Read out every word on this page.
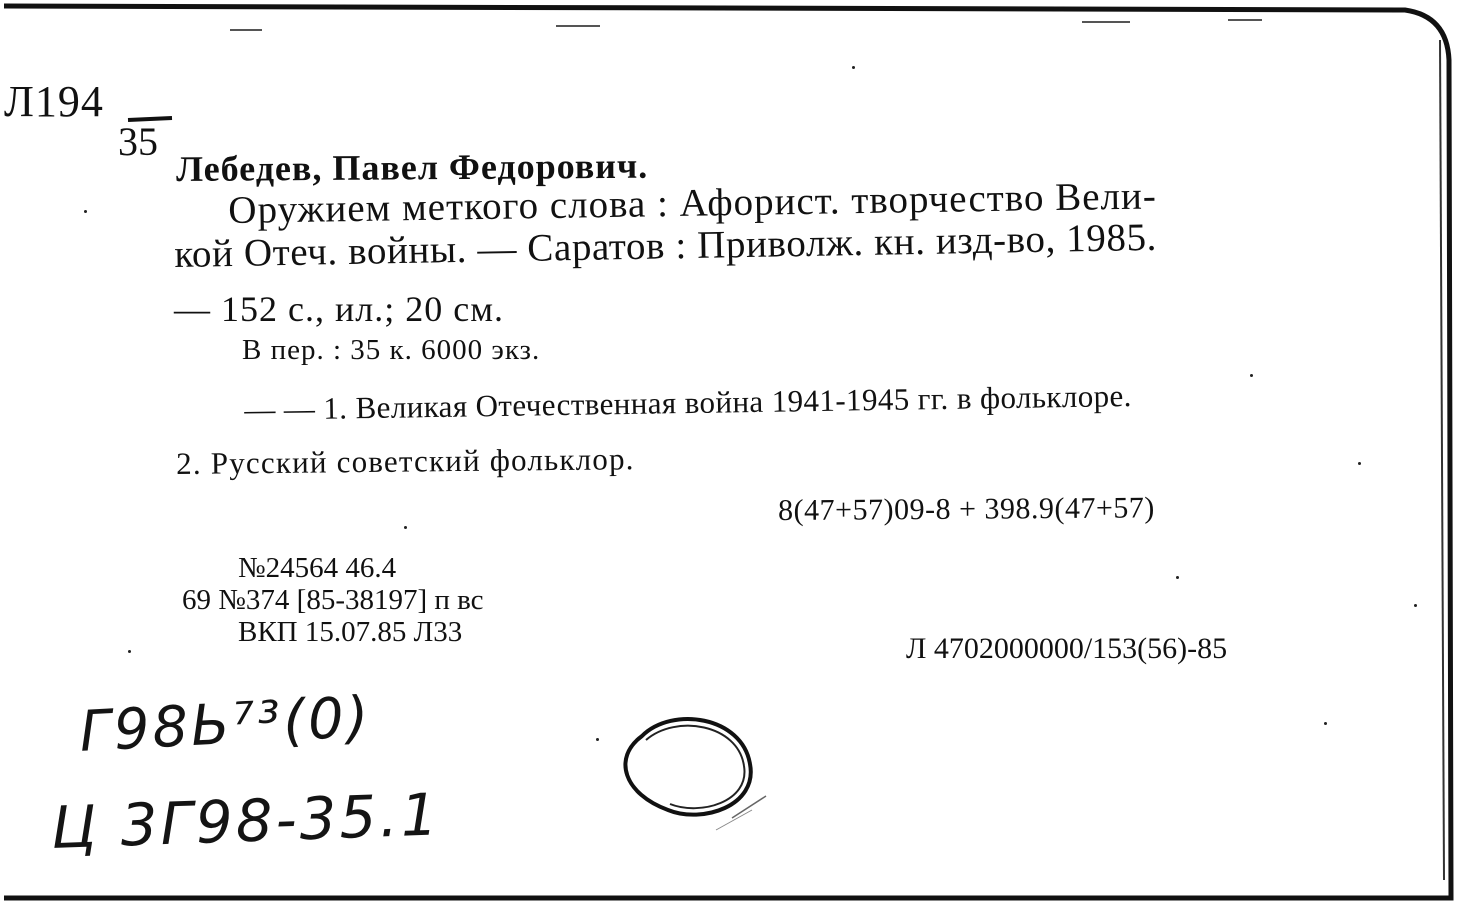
Л194
35
Лебедев, Павел Федорович.
Оружием меткого слова : Афорист. творчество Вели-
кой Отеч. войны. — Саратов : Приволж. кн. изд-во, 1985.
— 152 с., ил.; 20 см.
В пер. : 35 к. 6000 экз.
— — 1. Великая Отечественная война 1941-1945 гг. в фольклоре.
2. Русский советский фольклор.
8(47+57)09-8 + 398.9(47+57)
№24564 46.4
69 №374 [85-38197] п вс
ВКП 15.07.85 Л33	Л 4702000000/153(56)-85
Г98Ь⁷³(0)
Ц 3Г98-35.1
